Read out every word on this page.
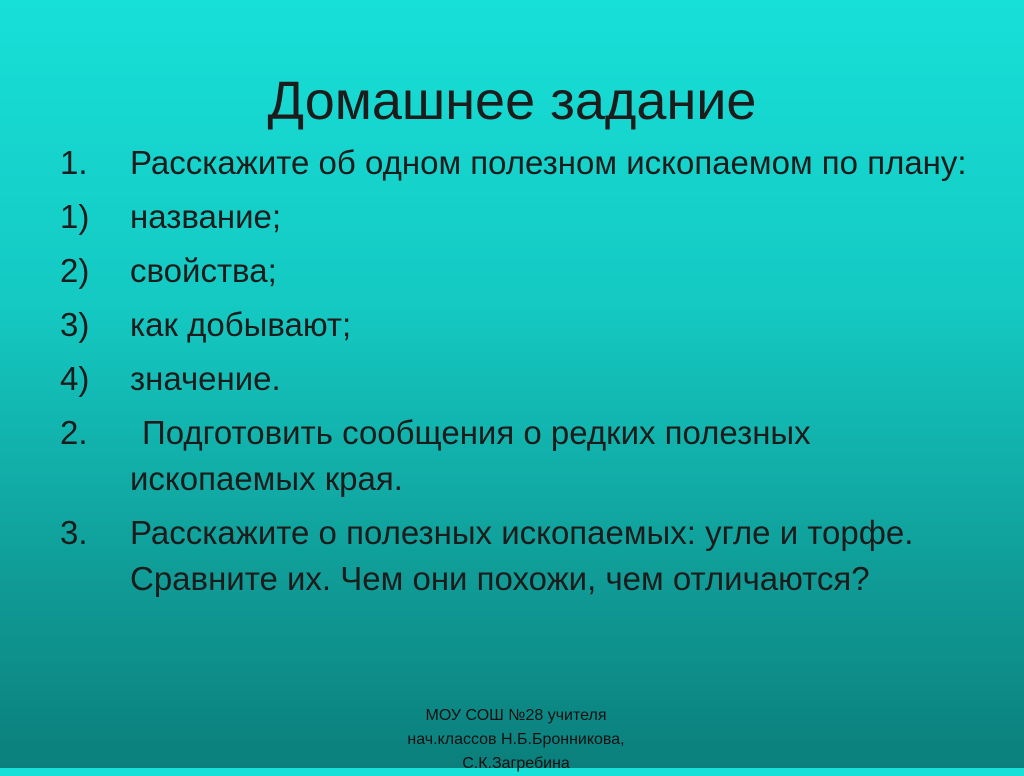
Домашнее задание
1.	Расскажите об одном полезном ископаемом по плану:
1)	название;
2)	свойства;
3)	как добывают;
4)	значение.
2.	Подготовить сообщения о редких полезных ископаемых края.
3.	Расскажите о полезных ископаемых: угле и торфе. Сравните их. Чем они похожи, чем отличаются?
МОУ СОШ №28 учителя
нач.классов Н.Б.Бронникова,
С.К.Загребина
